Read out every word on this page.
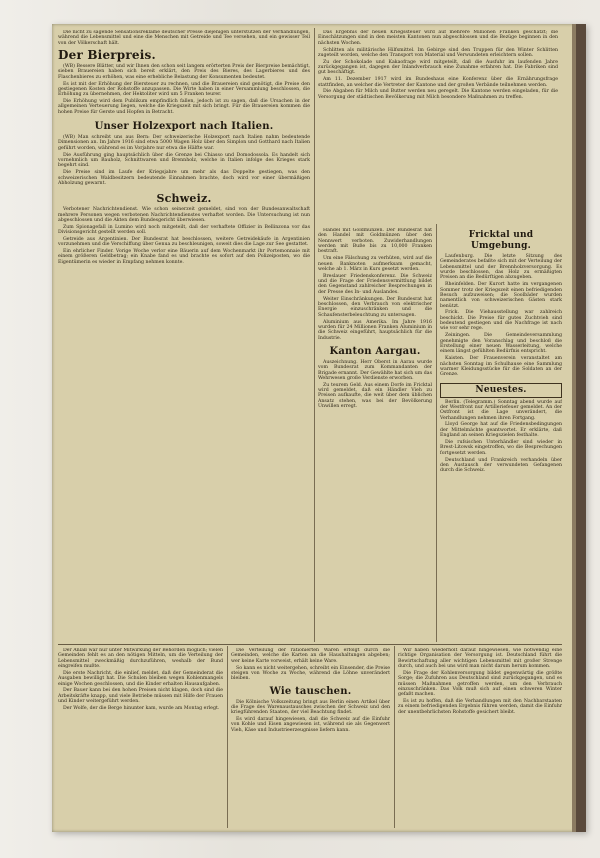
Die nicht zu sagende Sensationsreklame deutscher Presse diejenigen unterstützen der Verhandlungen, während die Lebensmittel und eine die Menschen mit Getreide und Tee versehen, und ein gewisser Teil von der Völkerschaft hält.

Der Bierpreis.

(WB) Bessere Blätter, und wir Ihnen den schon seit langem erörterten Preis der Bierpreise bemächtigt, sieben Brauereien haben sich bereit erklärt, den Preis des Bieres, des Lagerbieres und des Flaschenbieres zu erhöhen, was eine erhebliche Belastung der Konsumenten bedeutet.

Es ist mit der Erhöhung der Biersteuer zu rechnen, und die Brauereien sind genötigt, die Preise den gestiegenen Kosten der Rohstoffe anzupassen. Die Wirte haben in einer Versammlung beschlossen, die Erhöhung zu übernehmen, der Hektoliter wird um 5 Franken teurer.

Die Erhöhung wird dem Publikum empfindlich fallen, jedoch ist zu sagen, daß die Ursachen in der allgemeinen Verteuerung liegen, welche die Kriegszeit mit sich bringt. Für die Brauereien kommen die hohen Preise für Gerste und Hopfen in Betracht.

Unser Holzexport nach Italien.

(WB) Man schreibt uns aus Bern: Der schweizerische Holzexport nach Italien nahm bedeutende Dimensionen an. Im Jahre 1916 sind etwa 5000 Wagen Holz über den Simplon und Gotthard nach Italien geführt worden, während es im Vorjahre nur etwa die Hälfte war.

Die Ausführung ging hauptsächlich über die Grenze bei Chiasso und Domodossola. Es handelt sich vornehmlich um Bauholz, Schnittwaren und Brennholz, welche in Italien infolge des Krieges stark begehrt sind.

Die Preise sind im Laufe der Kriegsjahre um mehr als das Doppelte gestiegen, was den schweizerischen Waldbesitzern bedeutende Einnahmen brachte, doch wird vor einer übermäßigen Abholzung gewarnt.

Schweiz.

Verbotener Nachrichtendienst. Wie schon seinerzeit gemeldet, sind von der Bundesanwaltschaft mehrere Personen wegen verbotenen Nachrichtendienstes verhaftet worden. Die Untersuchung ist nun abgeschlossen und die Akten dem Bundesgericht überwiesen.

Zum Spionagefall in Lumino wird noch mitgeteilt, daß der verhaftete Offizier in Bellinzona vor das Divisionsgericht gestellt werden soll.

Getreide aus Argentinien. Der Bundesrat hat beschlossen, weitere Getreidekäufe in Argentinien vorzunehmen und die Verschiffung über Genua zu beschleunigen, soweit dies die Lage zur See gestattet.

Ein ehrlicher Finder. Vorige Woche verlor eine Bäuerin auf dem Wochenmarkt ihr Portemonnaie mit einem größeren Geldbetrag; ein Knabe fand es und brachte es sofort auf den Polizeiposten, wo die Eigentümerin es wieder in Empfang nehmen konnte.

Das Ergebnis der neuen Kriegssteuer wird auf mehrere Millionen Franken geschätzt; die Einschätzungen sind in den meisten Kantonen nun abgeschlossen und die Bezüge beginnen in den nächsten Wochen.

Schlitten als militärische Hilfsmittel. Im Gebirge sind den Truppen für den Winter Schlitten zugeteilt worden, welche den Transport von Material und Verwundeten erleichtern sollen.

Zu der Schokolade und Kakaofrage wird mitgeteilt, daß die Ausfuhr im laufenden Jahre zurückgegangen ist, dagegen der Inlandverbrauch eine Zunahme erfahren hat. Die Fabriken sind gut beschäftigt.

Am 11. Dezember 1917 wird im Bundeshaus eine Konferenz über die Ernährungsfrage stattfinden, an welcher die Vertreter der Kantone und der großen Verbände teilnehmen werden.

Die Abgaben für Milch und Butter werden neu geregelt. Die Kantone werden eingeladen, für die Versorgung der städtischen Bevölkerung mit Milch besondere Maßnahmen zu treffen.

Handel mit Goldmünzen. Der Bundesrat hat den Handel mit Goldmünzen über den Nennwert verboten. Zuwiderhandlungen werden mit Buße bis zu 10,000 Franken bestraft.

Um eine Fälschung zu verhüten, wird auf die neuen Banknoten aufmerksam gemacht, welche ab 1. März in Kurs gesetzt werden.

Breslauer Friedenskonferenz. Die Schweiz und die Frage der Friedensvermittlung bildet den Gegenstand zahlreicher Besprechungen in der Presse des In- und Auslandes.

Weiter Einschränkungen. Der Bundesrat hat beschlossen, den Verbrauch von elektrischer Energie einzuschränken und die Schaufensterbeleuchtung zu untersagen.

Aluminium aus Amerika. Im Jahre 1916 wurden für 24 Millionen Franken Aluminium in die Schweiz eingeführt, hauptsächlich für die Industrie.

Kanton Aargau.

Auszeichnung. Herr Oberst in Aarau wurde vom Bundesrat zum Kommandanten der Brigade ernannt. Der Gewählte hat sich um das Wehrwesen große Verdienste erworben.

Zu teurem Geld. Aus einem Dorfe im Fricktal wird gemeldet, daß ein Händler Vieh zu Preisen aufkaufte, die weit über dem üblichen Ansatz stehen, was bei der Bevölkerung Unwillen erregt.

Fricktal und Umgebung.

Laufenburg. Die letzte Sitzung des Gemeinderates befaßte sich mit der Verteilung der Lebensmittel und der Brennholzversorgung. Es wurde beschlossen, das Holz zu ermäßigten Preisen an die Bedürftigen abzugeben.

Rheinfelden. Der Kurort hatte im vergangenen Sommer trotz der Kriegszeit einen befriedigenden Besuch aufzuweisen; die Soolbäder wurden namentlich von schweizerischen Gästen stark benützt.

Frick. Die Viehausstellung war zahlreich beschickt. Die Preise für gutes Zuchtvieh sind bedeutend gestiegen und die Nachfrage ist nach wie vor sehr rege.

Zeiningen. Die Gemeindeversammlung genehmigte den Voranschlag und beschloß die Erstellung einer neuen Wasserleitung, welche einem längst gefühlten Bedürfnis entspricht.

Kaisten. Der Frauenverein veranstaltet am nächsten Sonntag im Schulhause eine Sammlung warmer Kleidungsstücke für die Soldaten an der Grenze.

Neuestes.

Berlin. (Telegramm.) Sonntag abend wurde auf der Westfront nur Artilleriefeuer gemeldet. An der Ostfront ist die Lage unverändert, die Verhandlungen nehmen ihren Fortgang.

Lloyd George hat auf die Friedensbedingungen der Mittelmächte geantwortet. Er erklärte, daß England an seinen Kriegszielen festhalte.

Die rufsischen Unterhändler sind wieder in Brest-Litowsk eingetroffen, wo die Besprechungen fortgesetzt werden.

Deutschland und Frankreich verhandeln über den Austausch der verwundeten Gefangenen durch die Schweiz.

Der Anlaß war nur unter Mitwirkung der Behörden möglich; vielen Gemeinden fehlt es an den nötigen Mitteln, um die Verteilung der Lebensmittel zweckmäßig durchzuführen, weshalb der Bund eingreifen mußte.

Die erste Nachricht, die einlief, meldet, daß der Gemeinderat die Ausgaben bewilligt hat. Die Schulen bleiben wegen Kohlenmangels einige Wochen geschlossen, und die Kinder erhalten Hausaufgaben.

Der Bauer kann bei den hohen Preisen nicht klagen, doch sind die Arbeitskräfte knapp, und viele Betriebe müssen mit Hilfe der Frauen und Kinder weitergeführt werden.

Der Wolfe, der die Berge hinunter kam, wurde am Montag erlegt.

Die Verteilung der rationierten Waren erfolgt durch die Gemeinden, welche die Karten an die Haushaltungen abgeben; wer keine Karte vorweist, erhält keine Ware.

So kann es nicht weitergehen, schreibt ein Einsender, die Preise steigen von Woche zu Woche, während die Löhne unverändert bleiben.

Wie tauschen.

Die Kölnische Volkszeitung bringt aus Berlin einen Artikel über die Frage des Warenaustausches zwischen der Schweiz und den kriegführenden Staaten, der viel Beachtung findet.

Es wird darauf hingewiesen, daß die Schweiz auf die Einfuhr von Kohle und Eisen angewiesen ist, während sie als Gegenwert Vieh, Käse und Industrieerzeugnisse liefern kann.

Wir haben wiederholt darauf hingewiesen, wie notwendig eine richtige Organisation der Versorgung ist. Deutschland führt die Bewirtschaftung aller wichtigen Lebensmittel mit großer Strenge durch, und auch bei uns wird man nicht darum herum kommen.

Die Frage der Kohlenversorgung bildet gegenwärtig die größte Sorge; die Zufuhren aus Deutschland sind zurückgegangen, und es müssen Maßnahmen getroffen werden, um den Verbrauch einzuschränken. Das Volk muß sich auf einen schweren Winter gefaßt machen.

Es ist zu hoffen, daß die Verhandlungen mit den Nachbarstaaten zu einem befriedigenden Ergebnis führen werden, damit die Einfuhr der unentbehrlichsten Rohstoffe gesichert bleibt.
